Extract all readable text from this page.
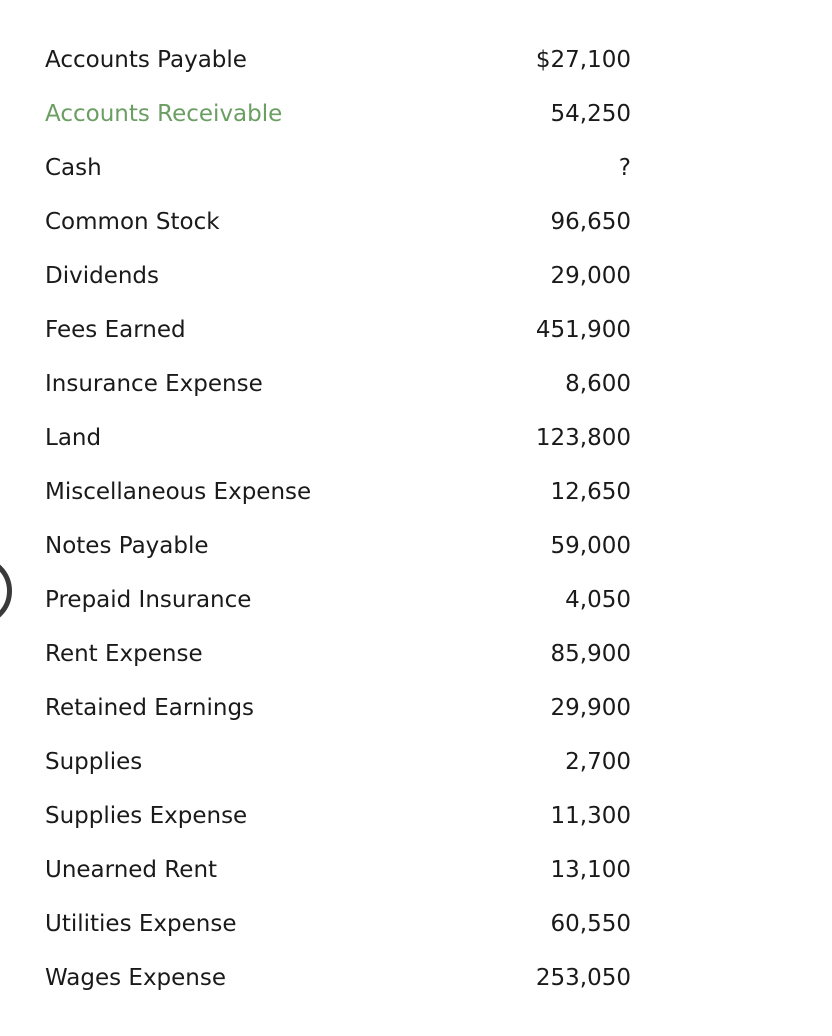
Accounts Payable	$27,100
Accounts Receivable	54,250
Cash	?
Common Stock	96,650
Dividends	29,000
Fees Earned	451,900
Insurance Expense	8,600
Land	123,800
Miscellaneous Expense	12,650
Notes Payable	59,000
Prepaid Insurance	4,050
Rent Expense	85,900
Retained Earnings	29,900
Supplies	2,700
Supplies Expense	11,300
Unearned Rent	13,100
Utilities Expense	60,550
Wages Expense	253,050
